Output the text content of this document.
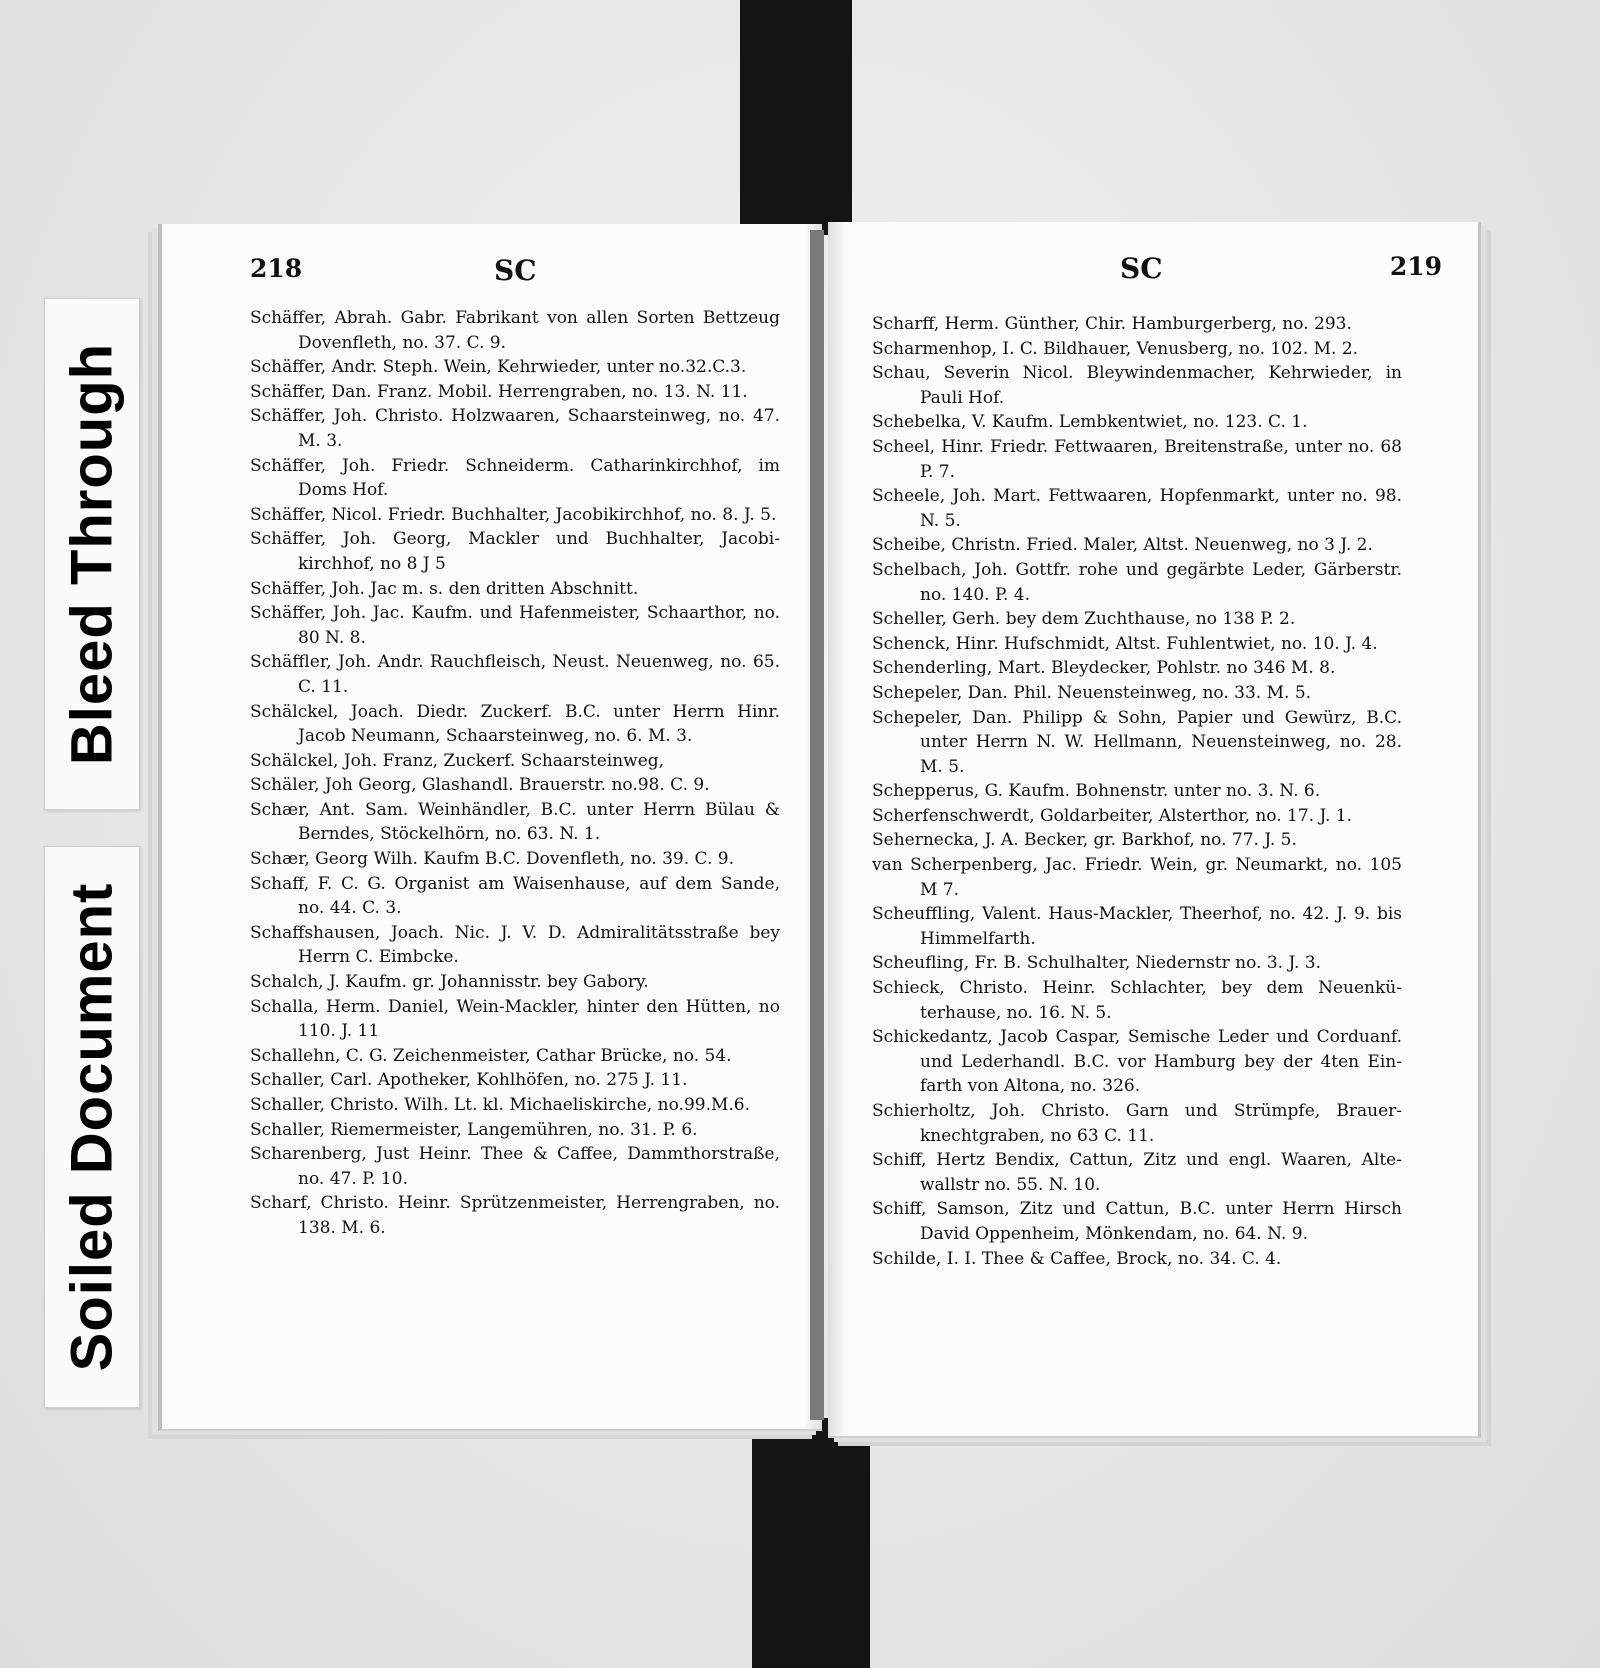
Bleed Through
Soiled Document
218	SC
Schäffer, Abrah. Gabr. Fabrikant von allen Sorten Bettzeug Dovenfleth, no. 37. C. 9.
Schäffer, Andr. Steph. Wein, Kehrwieder, unter no.32.C.3.
Schäffer, Dan. Franz. Mobil. Herrengraben, no. 13. N. 11.
Schäffer, Joh. Christo. Holzwaaren, Schaarsteinweg, no. 47. M. 3.
Schäffer, Joh. Friedr. Schneiderm. Catharinkirchhof, im Doms Hof.
Schäffer, Nicol. Friedr. Buchhalter, Jacobikirchhof, no. 8. J. 5.
Schäffer, Joh. Georg, Mackler und Buchhalter, Jacobi-kirchhof, no 8 J 5
Schäffer, Joh. Jac m. s. den dritten Abschnitt.
Schäffer, Joh. Jac. Kaufm. und Hafenmeister, Schaarthor, no. 80 N. 8.
Schäffler, Joh. Andr. Rauchfleisch, Neust. Neuenweg, no. 65. C. 11.
Schälckel, Joach. Diedr. Zuckerf. B.C. unter Herrn Hinr. Jacob Neumann, Schaarsteinweg, no. 6. M. 3.
Schälckel, Joh. Franz, Zuckerf. Schaarsteinweg,
Schäler, Joh Georg, Glashandl. Brauerstr. no.98. C. 9.
Schær, Ant. Sam. Weinhändler, B.C. unter Herrn Bülau & Berndes, Stöckelhörn, no. 63. N. 1.
Schær, Georg Wilh. Kaufm B.C. Dovenfleth, no. 39. C. 9.
Schaff, F. C. G. Organist am Waisenhause, auf dem Sande, no. 44. C. 3.
Schaffshausen, Joach. Nic. J. V. D. Admiralitätsstraße bey Herrn C. Eimbcke.
Schalch, J. Kaufm. gr. Johannisstr. bey Gabory.
Schalla, Herm. Daniel, Wein-Mackler, hinter den Hütten, no 110. J. 11
Schallehn, C. G. Zeichenmeister, Cathar Brücke, no. 54.
Schaller, Carl. Apotheker, Kohlhöfen, no. 275 J. 11.
Schaller, Christo. Wilh. Lt. kl. Michaeliskirche, no.99.M.6.
Schaller, Riemermeister, Langemühren, no. 31. P. 6.
Scharenberg, Just Heinr. Thee & Caffee, Dammthorstraße, no. 47. P. 10.
Scharf, Christo. Heinr. Sprützenmeister, Herrengraben, no. 138. M. 6.
SC	219
Scharff, Herm. Günther, Chir. Hamburgerberg, no. 293.
Scharmenhop, I. C. Bildhauer, Venusberg, no. 102. M. 2.
Schau, Severin Nicol. Bleywindenmacher, Kehrwieder, in Pauli Hof.
Schebelka, V. Kaufm. Lembkentwiet, no. 123. C. 1.
Scheel, Hinr. Friedr. Fettwaaren, Breitenstraße, unter no. 68 P. 7.
Scheele, Joh. Mart. Fettwaaren, Hopfenmarkt, unter no. 98. N. 5.
Scheibe, Christn. Fried. Maler, Altst. Neuenweg, no 3 J. 2.
Schelbach, Joh. Gottfr. rohe und gegärbte Leder, Gärberstr. no. 140. P. 4.
Scheller, Gerh. bey dem Zuchthause, no 138 P. 2.
Schenck, Hinr. Hufschmidt, Altst. Fuhlentwiet, no. 10. J. 4.
Schenderling, Mart. Bleydecker, Pohlstr. no 346 M. 8.
Schepeler, Dan. Phil. Neuensteinweg, no. 33. M. 5.
Schepeler, Dan. Philipp & Sohn, Papier und Gewürz, B.C. unter Herrn N. W. Hellmann, Neuensteinweg, no. 28. M. 5.
Schepperus, G. Kaufm. Bohnenstr. unter no. 3. N. 6.
Scherfenschwerdt, Goldarbeiter, Alsterthor, no. 17. J. 1.
Sehernecka, J. A. Becker, gr. Barkhof, no. 77. J. 5.
van Scherpenberg, Jac. Friedr. Wein, gr. Neumarkt, no. 105 M 7.
Scheuffling, Valent. Haus-Mackler, Theerhof, no. 42. J. 9. bis Himmelfarth.
Scheufling, Fr. B. Schulhalter, Niedernstr no. 3. J. 3.
Schieck, Christo. Heinr. Schlachter, bey dem Neuenkü-terhause, no. 16. N. 5.
Schickedantz, Jacob Caspar, Semische Leder und Corduanf. und Lederhandl. B.C. vor Hamburg bey der 4ten Ein-farth von Altona, no. 326.
Schierholtz, Joh. Christo. Garn und Strümpfe, Brauer-knechtgraben, no 63 C. 11.
Schiff, Hertz Bendix, Cattun, Zitz und engl. Waaren, Alte-wallstr no. 55. N. 10.
Schiff, Samson, Zitz und Cattun, B.C. unter Herrn Hirsch David Oppenheim, Mönkendam, no. 64. N. 9.
Schilde, I. I. Thee & Caffee, Brock, no. 34. C. 4.
